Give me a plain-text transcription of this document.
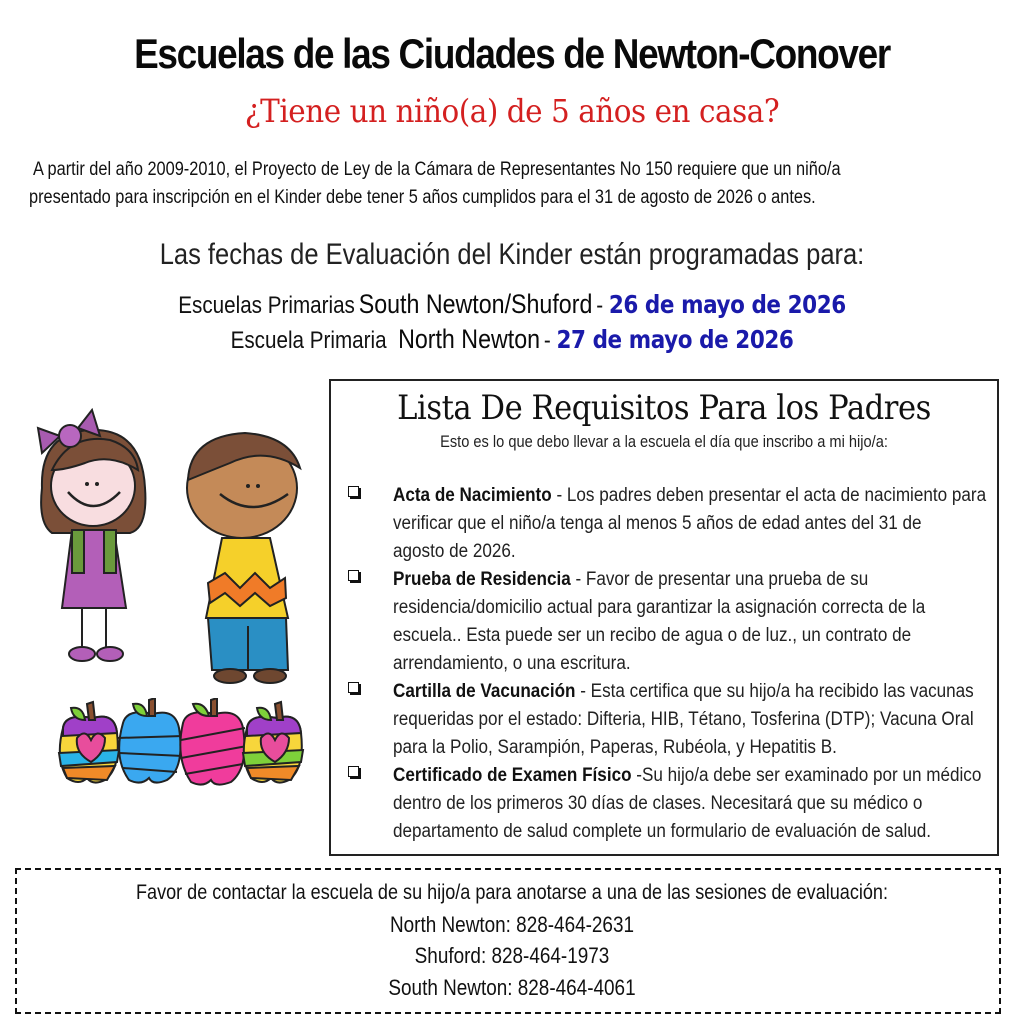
Escuelas de las Ciudades de Newton-Conover
¿Tiene un niño(a) de 5 años en casa?
A partir del año 2009-2010, el Proyecto de Ley de la Cámara de Representantes No 150 requiere que un niño/a
presentado para inscripción en el Kinder debe tener 5 años cumplidos para el 31 de agosto de 2026 o antes.
Las fechas de Evaluación del Kinder están programadas para:
Escuelas Primarias South Newton/Shuford - 26 de mayo de 2026
Escuela Primaria North Newton - 27 de mayo de 2026
Lista De Requisitos Para los Padres
Esto es lo que debo llevar a la escuela el día que inscribo a mi hijo/a:
Acta de Nacimiento - Los padres deben presentar el acta de nacimiento para
verificar que el niño/a tenga al menos 5 años de edad antes del 31 de
agosto de 2026.
Prueba de Residencia - Favor de presentar una prueba de su
residencia/domicilio actual para garantizar la asignación correcta de la
escuela.. Esta puede ser un recibo de agua o de luz., un contrato de
arrendamiento, o una escritura.
Cartilla de Vacunación - Esta certifica que su hijo/a ha recibido las vacunas
requeridas por el estado: Difteria, HIB, Tétano, Tosferina (DTP); Vacuna Oral
para la Polio, Sarampión, Paperas, Rubéola, y Hepatitis B.
Certificado de Examen Físico -Su hijo/a debe ser examinado por un médico
dentro de los primeros 30 días de clases. Necesitará que su médico o
departamento de salud complete un formulario de evaluación de salud.
Favor de contactar la escuela de su hijo/a para anotarse a una de las sesiones de evaluación:
North Newton: 828-464-2631
Shuford: 828-464-1973
South Newton: 828-464-4061
